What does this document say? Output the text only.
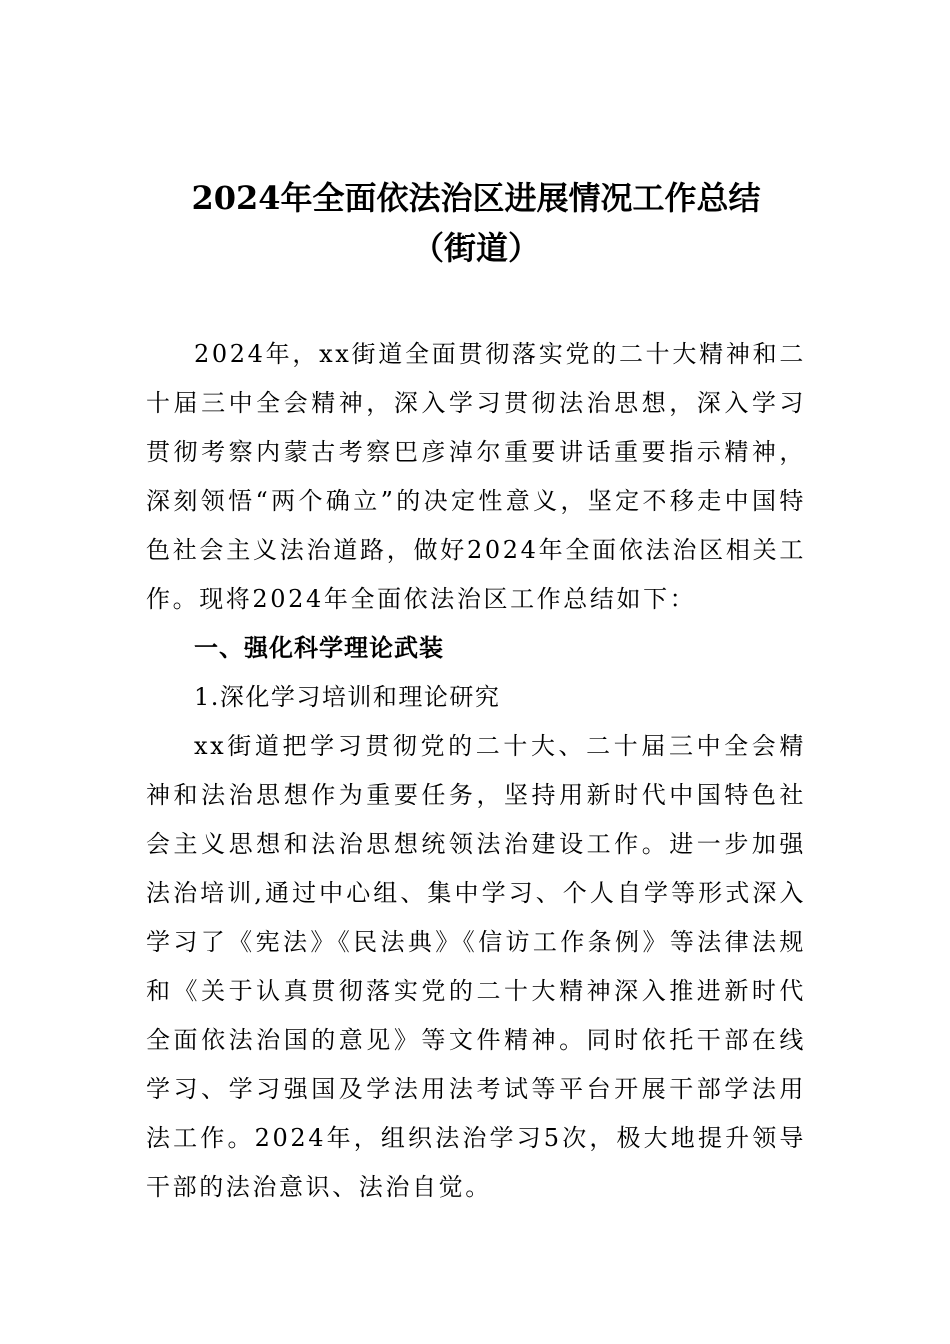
2024年全面依法治区进展情况工作总结
（街道）

2024年，xx街道全面贯彻落实党的二十大精神和二十届三中全会精神，深入学习贯彻法治思想，深入学习贯彻考察内蒙古考察巴彦淖尔重要讲话重要指示精神，深刻领悟“两个确立”的决定性意义，坚定不移走中国特色社会主义法治道路，做好2024年全面依法治区相关工作。现将2024年全面依法治区工作总结如下：

一、强化科学理论武装

1.深化学习培训和理论研究

xx街道把学习贯彻党的二十大、二十届三中全会精神和法治思想作为重要任务，坚持用新时代中国特色社会主义思想和法治思想统领法治建设工作。进一步加强法治培训,通过中心组、集中学习、个人自学等形式深入学习了《宪法》《民法典》《信访工作条例》等法律法规和《关于认真贯彻落实党的二十大精神深入推进新时代全面依法治国的意见》等文件精神。同时依托干部在线学习、学习强国及学法用法考试等平台开展干部学法用法工作。2024年，组织法治学习5次，极大地提升领导干部的法治意识、法治自觉。
